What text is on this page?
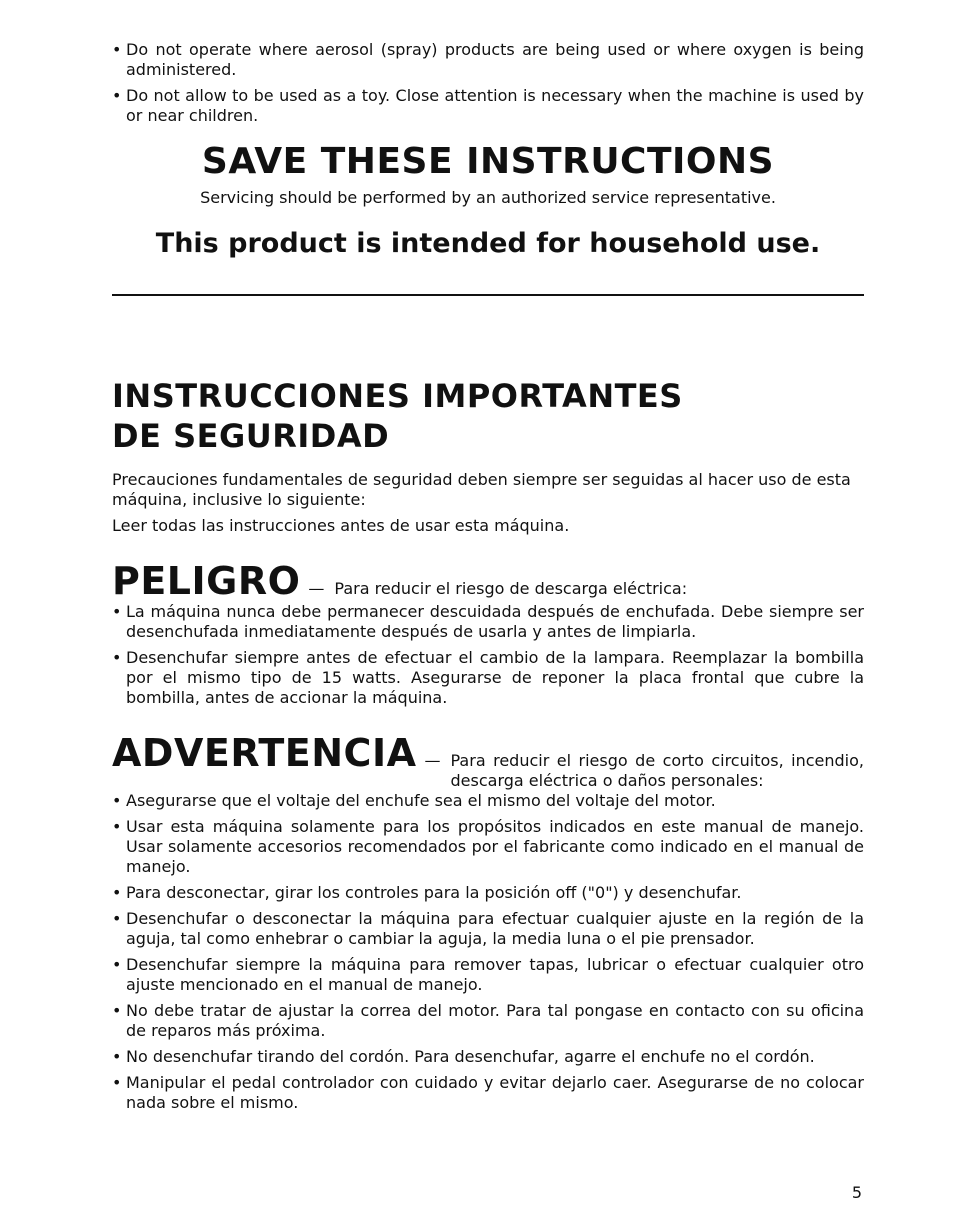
• Do not operate where aerosol (spray) products are being used or where oxygen is being administered.
• Do not allow to be used as a toy. Close attention is necessary when the machine is used by or near children.
SAVE THESE INSTRUCTIONS
Servicing should be performed by an authorized service representative.
This product is intended for household use.
INSTRUCCIONES IMPORTANTES
DE SEGURIDAD
Precauciones fundamentales de seguridad deben siempre ser seguidas al hacer uso de esta máquina, inclusive lo siguiente:
Leer todas las instrucciones antes de usar esta máquina.
PELIGRO — Para reducir el riesgo de descarga eléctrica:
• La máquina nunca debe permanecer descuidada después de enchufada. Debe siempre ser desenchufada inmediatamente después de usarla y antes de limpiarla.
• Desenchufar siempre antes de efectuar el cambio de la lampara. Reemplazar la bombilla por el mismo tipo de 15 watts. Asegurarse de reponer la placa frontal que cubre la bombilla, antes de accionar la máquina.
ADVERTENCIA — Para reducir el riesgo de corto circuitos, incendio, descarga eléctrica o daños personales:
• Asegurarse que el voltaje del enchufe sea el mismo del voltaje del motor.
• Usar esta máquina solamente para los propósitos indicados en este manual de manejo. Usar solamente accesorios recomendados por el fabricante como indicado en el manual de manejo.
• Para desconectar, girar los controles para la posición off ("0") y desenchufar.
• Desenchufar o desconectar la máquina para efectuar cualquier ajuste en la región de la aguja, tal como enhebrar o cambiar la aguja, la media luna o el pie prensador.
• Desenchufar siempre la máquina para remover tapas, lubricar o efectuar cualquier otro ajuste mencionado en el manual de manejo.
• No debe tratar de ajustar la correa del motor. Para tal pongase en contacto con su oficina de reparos más próxima.
• No desenchufar tirando del cordón. Para desenchufar, agarre el enchufe no el cordón.
• Manipular el pedal controlador con cuidado y evitar dejarlo caer. Asegurarse de no colocar nada sobre el mismo.
5
